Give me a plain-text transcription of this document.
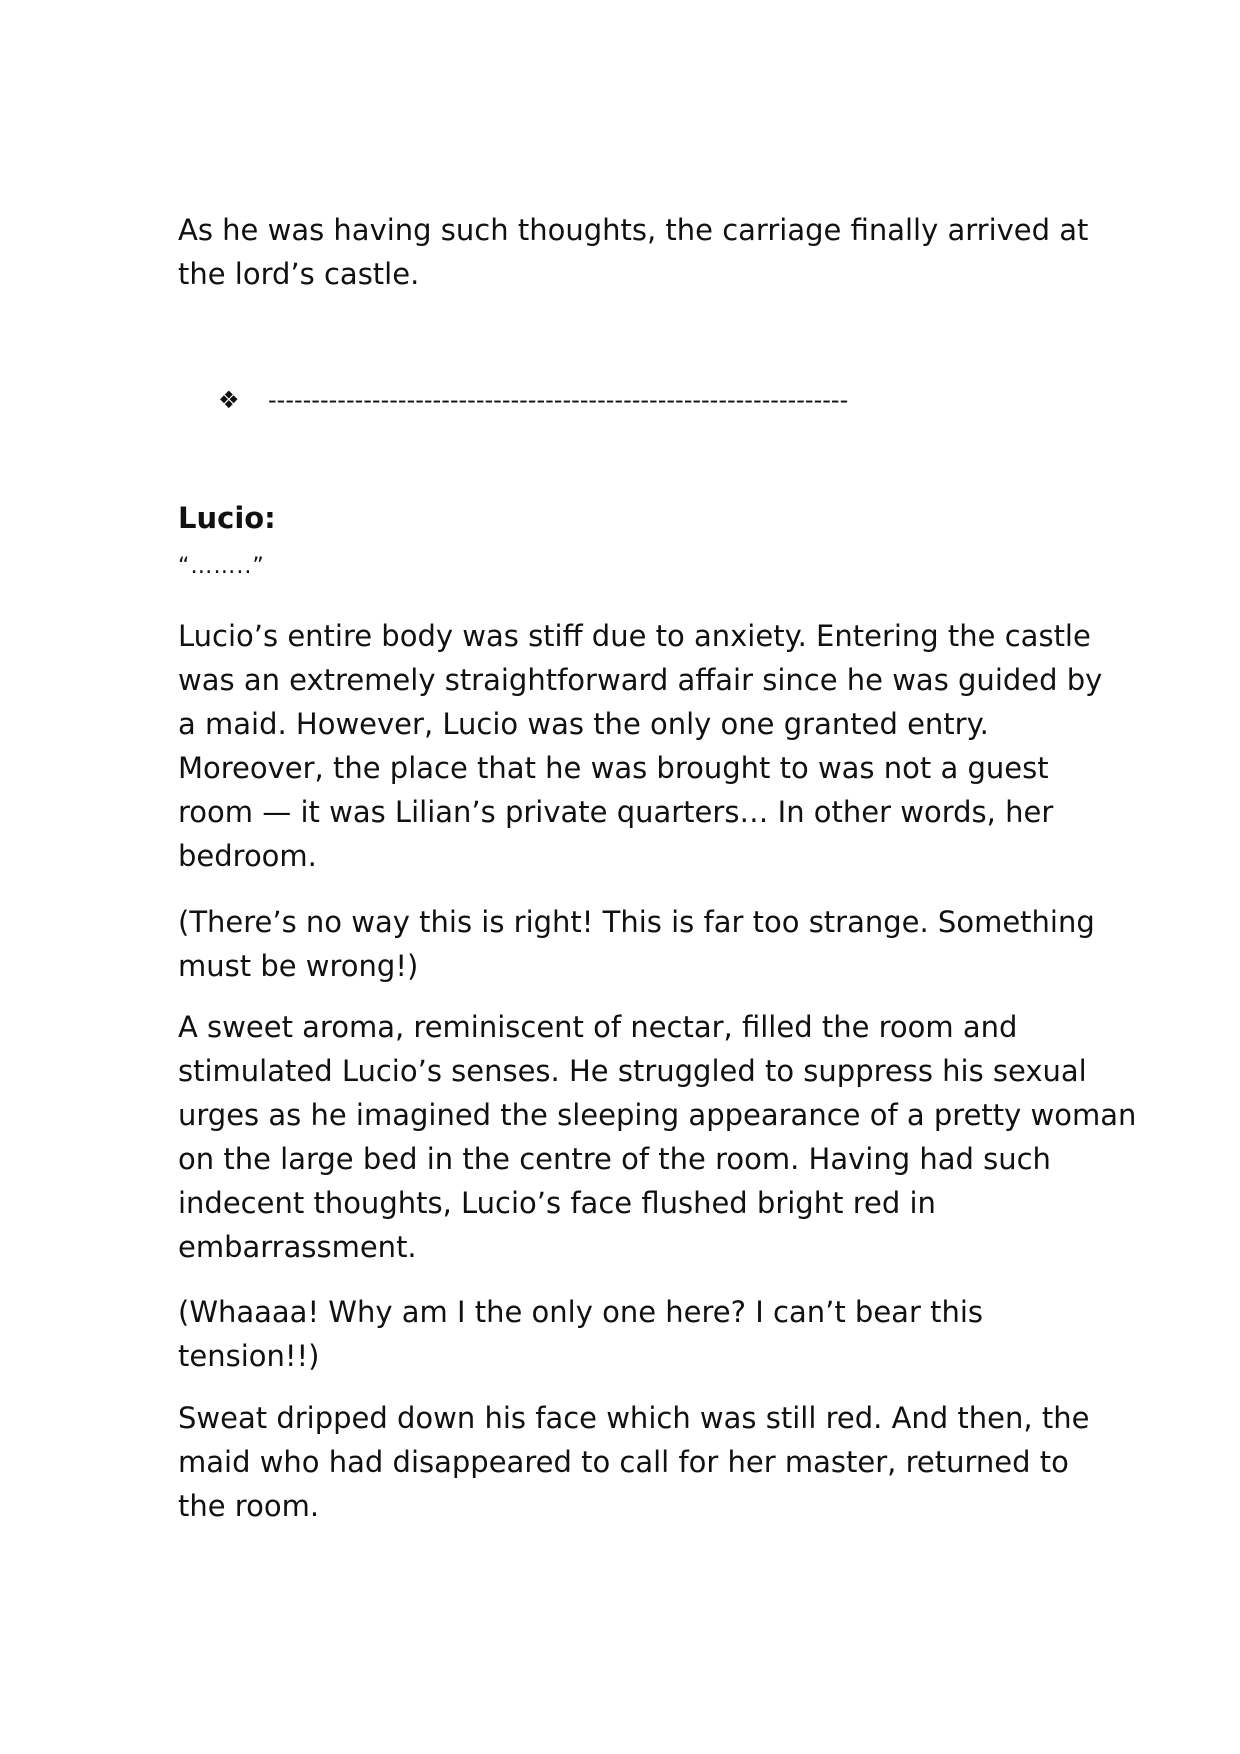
As he was having such thoughts, the carriage finally arrived at
the lord’s castle.

❖ -------------------------------------------------------------------

Lucio:

“……..”

Lucio’s entire body was stiff due to anxiety. Entering the castle
was an extremely straightforward affair since he was guided by
a maid. However, Lucio was the only one granted entry.
Moreover, the place that he was brought to was not a guest
room — it was Lilian’s private quarters… In other words, her
bedroom.

(There’s no way this is right! This is far too strange. Something
must be wrong!)

A sweet aroma, reminiscent of nectar, filled the room and
stimulated Lucio’s senses. He struggled to suppress his sexual
urges as he imagined the sleeping appearance of a pretty woman
on the large bed in the centre of the room. Having had such
indecent thoughts, Lucio’s face flushed bright red in
embarrassment.

(Whaaaa! Why am I the only one here? I can’t bear this
tension!!)

Sweat dripped down his face which was still red. And then, the
maid who had disappeared to call for her master, returned to
the room.
